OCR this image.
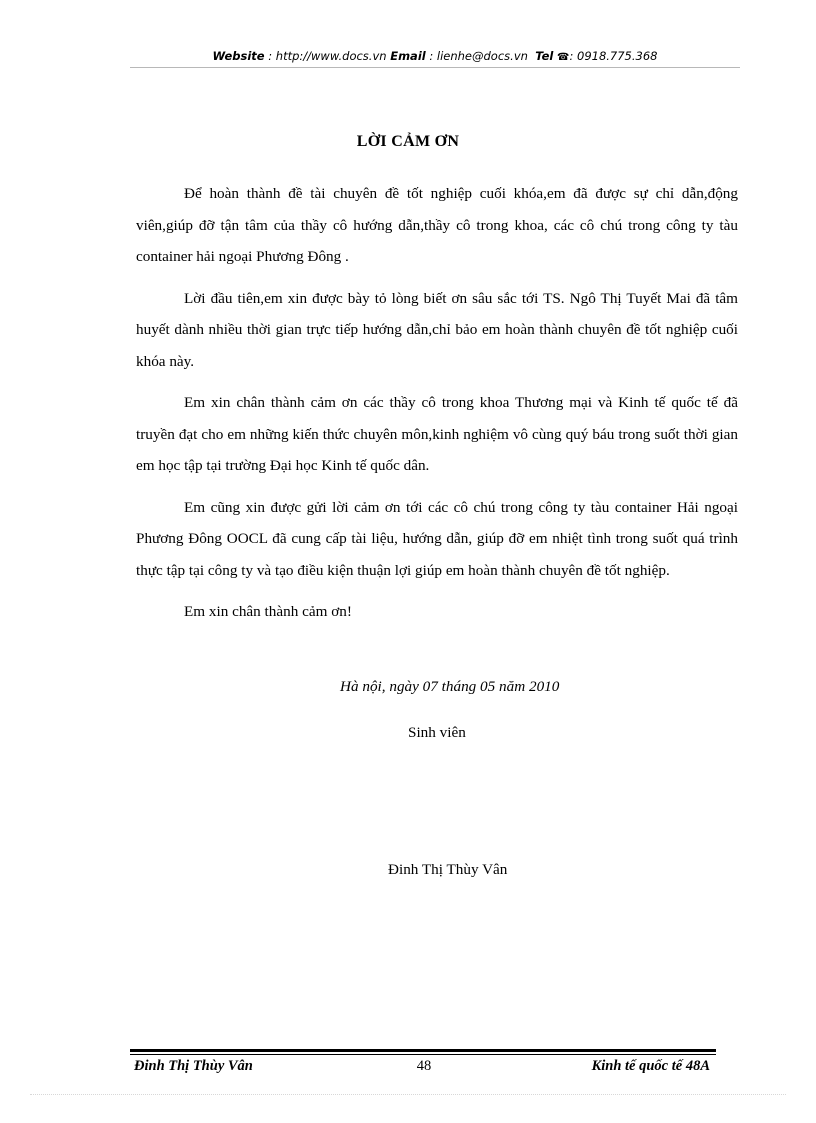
Website : http://www.docs.vn Email : lienhe@docs.vn Tel ☎: 0918.775.368
LỜI CẢM ƠN

Để hoàn thành đề tài chuyên đề tốt nghiệp cuối khóa,em đã được sự chỉ dẫn,động viên,giúp đỡ tận tâm của thầy cô hướng dẫn,thầy cô trong khoa, các cô chú trong công ty tàu container hải ngoại Phương Đông .

Lời đầu tiên,em xin được bày tỏ lòng biết ơn sâu sắc tới TS. Ngô Thị Tuyết Mai đã tâm huyết dành nhiều thời gian trực tiếp hướng dẫn,chỉ bảo em hoàn thành chuyên đề tốt nghiệp cuối khóa này.

Em xin chân thành cảm ơn các thầy cô trong khoa Thương mại và Kinh tế quốc tế đã truyền đạt cho em những kiến thức chuyên môn,kinh nghiệm vô cùng quý báu trong suốt thời gian em học tập tại trường Đại học Kinh tế quốc dân.

Em cũng xin được gửi lời cảm ơn tới các cô chú trong công ty tàu container Hải ngoại Phương Đông OOCL đã cung cấp tài liệu, hướng dẫn, giúp đỡ em nhiệt tình trong suốt quá trình thực tập tại công ty và tạo điều kiện thuận lợi giúp em hoàn thành chuyên đề tốt nghiệp.

Em xin chân thành cảm ơn!

Hà nội, ngày 07 tháng 05 năm 2010
Sinh viên
Đinh Thị Thùy Vân
Đinh Thị Thùy Vân	48	Kinh tế quốc tế 48A
